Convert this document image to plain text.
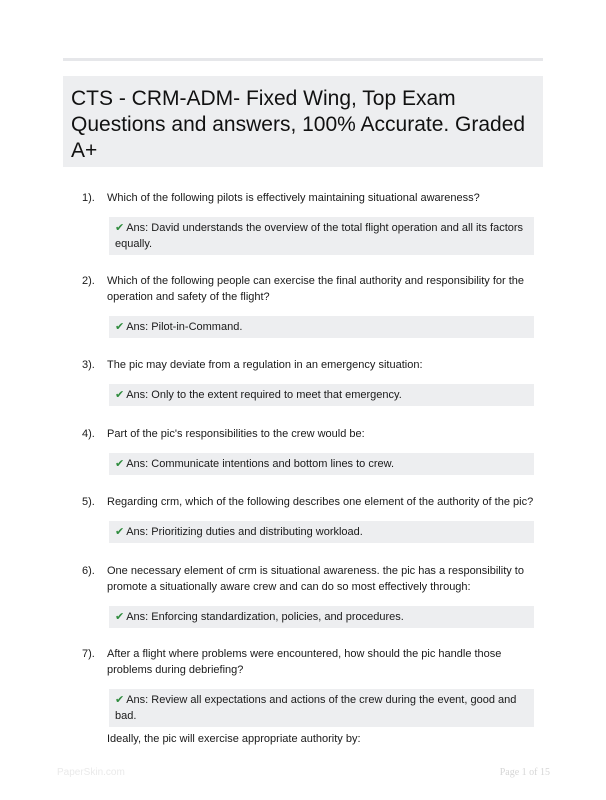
CTS - CRM-ADM- Fixed Wing, Top Exam Questions and answers, 100% Accurate. Graded A+
1). Which of the following pilots is effectively maintaining situational awareness?
✔ Ans: David understands the overview of the total flight operation and all its factors equally.
2). Which of the following people can exercise the final authority and responsibility for the operation and safety of the flight?
✔ Ans: Pilot-in-Command.
3). The pic may deviate from a regulation in an emergency situation:
✔ Ans: Only to the extent required to meet that emergency.
4). Part of the pic's responsibilities to the crew would be:
✔ Ans: Communicate intentions and bottom lines to crew.
5). Regarding crm, which of the following describes one element of the authority of the pic?
✔ Ans: Prioritizing duties and distributing workload.
6). One necessary element of crm is situational awareness. the pic has a responsibility to promote a situationally aware crew and can do so most effectively through:
✔ Ans: Enforcing standardization, policies, and procedures.
7). After a flight where problems were encountered, how should the pic handle those problems during debriefing?
✔ Ans: Review all expectations and actions of the crew during the event, good and bad.
Ideally, the pic will exercise appropriate authority by:
PaperSkin.com	Page 1 of 15
